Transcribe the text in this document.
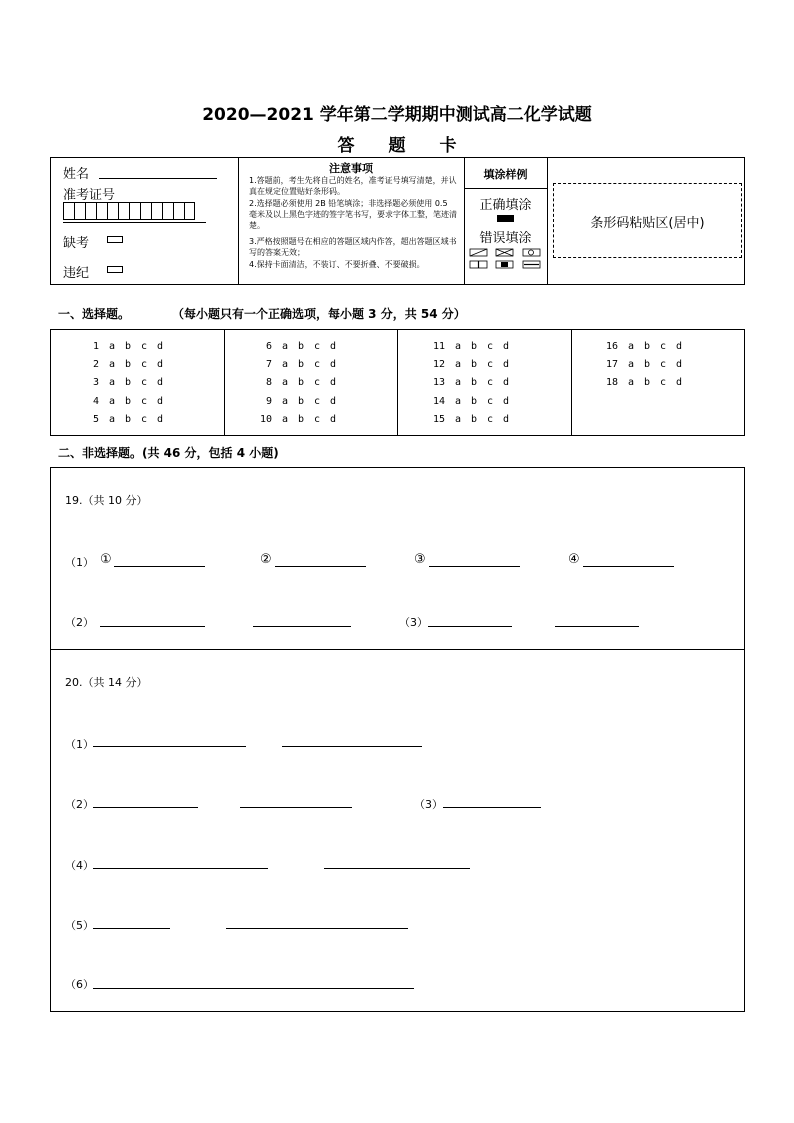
2020—2021 学年第二学期期中测试高二化学试题
答　　题　　卡
姓名
准考证号
缺考
违纪
注意事项
1.答题前，考生先将自己的姓名，准考证号填写清楚，并认真在规定位置贴好条形码。
2.选择题必须使用 2B 铅笔填涂；非选择题必须使用 0.5 毫米及以上黑色字迹的签字笔书写，要求字体工整，笔迹清楚。
3.严格按照题号在相应的答题区域内作答，超出答题区域书写的答案无效；
4.保持卡面清洁，不装订、不要折叠、不要破损。
填涂样例
正确填涂
错误填涂
条形码粘贴区(居中)
一、选择题。	（每小题只有一个正确选项，每小题 3 分，共 54 分）
1 a b c d
2 a b c d
3 a b c d
4 a b c d
5 a b c d
6 a b c d
7 a b c d
8 a b c d
9 a b c d
10 a b c d
11 a b c d
12 a b c d
13 a b c d
14 a b c d
15 a b c d
16 a b c d
17 a b c d
18 a b c d
二、非选择题。(共 46 分，包括 4 小题)
19.（共 10 分）
（1） ①	②	③	④
（2）	（3）
20.（共 14 分）
（1）
（2）	（3）
（4）
（5）
（6）
